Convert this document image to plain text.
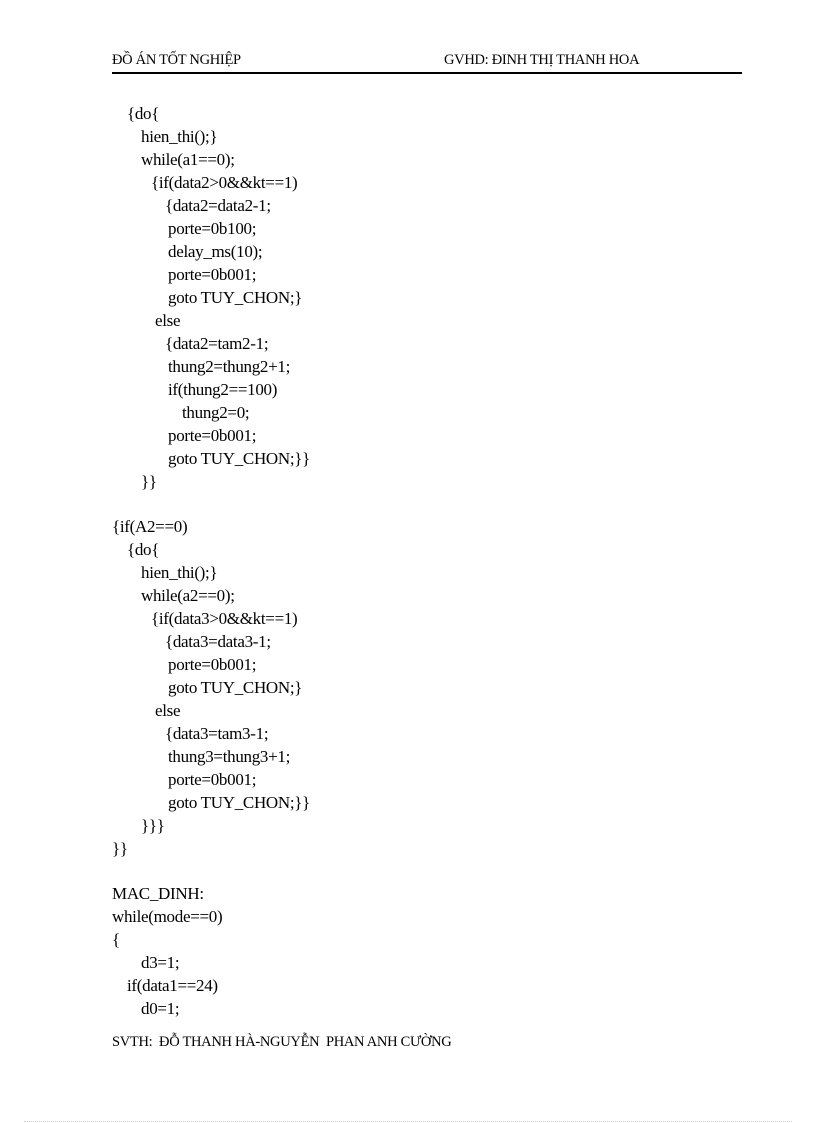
ĐỒ ÁN TỐT NGHIỆP	GVHD: ĐINH THỊ THANH HOA
{do{
hien_thi();}
while(a1==0);
{if(data2>0&&kt==1)
{data2=data2-1;
porte=0b100;
delay_ms(10);
porte=0b001;
goto TUY_CHON;}
else
{data2=tam2-1;
thung2=thung2+1;
if(thung2==100)
thung2=0;
porte=0b001;
goto TUY_CHON;}}
}}
{if(A2==0)
{do{
hien_thi();}
while(a2==0);
{if(data3>0&&kt==1)
{data3=data3-1;
porte=0b001;
goto TUY_CHON;}
else
{data3=tam3-1;
thung3=thung3+1;
porte=0b001;
goto TUY_CHON;}}
}}}
}}
MAC_DINH:
while(mode==0)
{
d3=1;
if(data1==24)
d0=1;
SVTH:  ĐỖ THANH HÀ-NGUYỄN  PHAN ANH CƯỜNG
